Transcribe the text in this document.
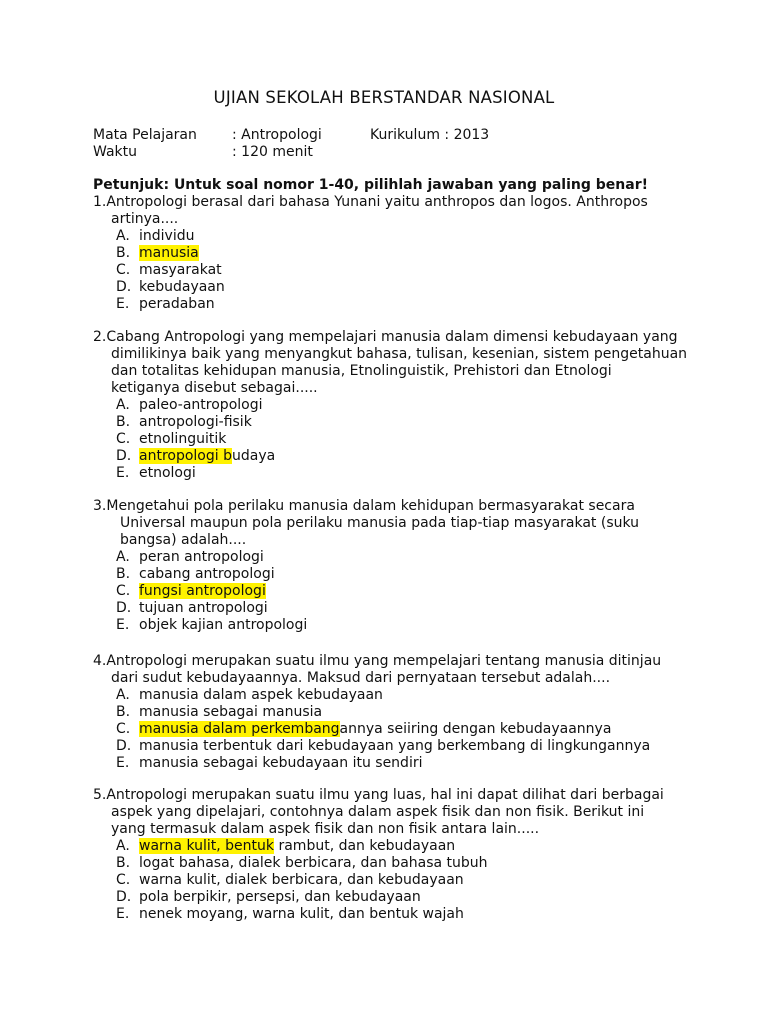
UJIAN SEKOLAH BERSTANDAR NASIONAL
Mata Pelajaran	: Antropologi	Kurikulum : 2013
Waktu	: 120 menit
Petunjuk: Untuk soal nomor 1-40, pilihlah jawaban yang paling benar!
1.Antropologi berasal dari bahasa Yunani yaitu anthropos dan logos. Anthropos
artinya....
A. individu
B. manusia
C. masyarakat
D. kebudayaan
E. peradaban
2.Cabang Antropologi yang mempelajari manusia dalam dimensi kebudayaan yang
dimilikinya baik yang menyangkut bahasa, tulisan, kesenian, sistem pengetahuan
dan totalitas kehidupan manusia, Etnolinguistik, Prehistori dan Etnologi
ketiganya disebut sebagai.....
A. paleo-antropologi
B. antropologi-fisik
C. etnolinguitik
D. antropologi budaya
E. etnologi
3.Mengetahui pola perilaku manusia dalam kehidupan bermasyarakat secara
Universal maupun pola perilaku manusia pada tiap-tiap masyarakat (suku
bangsa) adalah....
A. peran antropologi
B. cabang antropologi
C. fungsi antropologi
D. tujuan antropologi
E. objek kajian antropologi
4.Antropologi merupakan suatu ilmu yang mempelajari tentang manusia ditinjau
dari sudut kebudayaannya. Maksud dari pernyataan tersebut adalah....
A. manusia dalam aspek kebudayaan
B. manusia sebagai manusia
C. manusia dalam perkembangannya seiiring dengan kebudayaannya
D. manusia terbentuk dari kebudayaan yang berkembang di lingkungannya
E. manusia sebagai kebudayaan itu sendiri
5.Antropologi merupakan suatu ilmu yang luas, hal ini dapat dilihat dari berbagai
aspek yang dipelajari, contohnya dalam aspek fisik dan non fisik. Berikut ini
yang termasuk dalam aspek fisik dan non fisik antara lain.....
A. warna kulit, bentuk rambut, dan kebudayaan
B. logat bahasa, dialek berbicara, dan bahasa tubuh
C. warna kulit, dialek berbicara, dan kebudayaan
D. pola berpikir, persepsi, dan kebudayaan
E. nenek moyang, warna kulit, dan bentuk wajah
